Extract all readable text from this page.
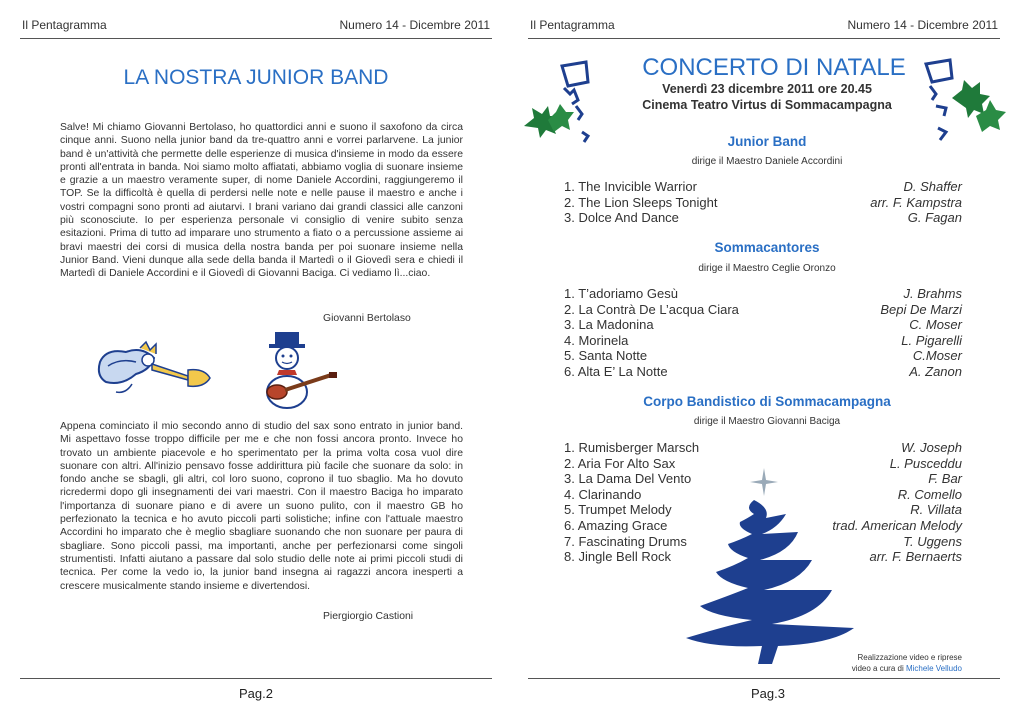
Il Pentagramma	Numero 14 - Dicembre 2011
LA NOSTRA JUNIOR BAND
Salve! Mi chiamo Giovanni Bertolaso, ho quattordici anni e suono il saxofono da circa cinque anni. Suono nella junior band da tre-quattro anni e vorrei parlarvene. La junior band è un'attività che permette delle esperienze di musica d'insieme in modo da essere pronti all'entrata in banda. Noi siamo molto affiatati, abbiamo voglia di suonare insieme e grazie a un maestro veramente super, di nome Daniele Accordini, raggiungeremo il TOP. Se la difficoltà è quella di perdersi nelle note e nelle pause il maestro e anche i vostri compagni sono pronti ad aiutarvi. I brani variano dai grandi classici alle canzoni più sconosciute. Io per esperienza personale vi consiglio di venire subito senza esitazioni. Prima di tutto ad imparare uno strumento a fiato o a percussione assieme ai bravi maestri dei corsi di musica della nostra banda per poi suonare insieme nella Junior Band. Vieni dunque alla sede della banda il Martedì o il Giovedì sera e chiedi il Martedì di Daniele Accordini e il Giovedì di Giovanni Baciga. Ci vediamo lì...ciao.
Giovanni Bertolaso
Appena cominciato il mio secondo anno di studio del sax sono entrato in junior band. Mi aspettavo fosse troppo difficile per me e che non fossi ancora pronto. Invece ho trovato un ambiente piacevole e ho sperimentato per la prima volta cosa vuol dire suonare con altri. All'inizio pensavo fosse addirittura più facile che suonare da solo: in fondo anche se sbagli, gli altri, col loro suono, coprono il tuo sbaglio. Ma ho dovuto ricredermi dopo gli insegnamenti dei vari maestri. Con il maestro Baciga ho imparato l'importanza di suonare piano e di avere un suono pulito, con il maestro GB ho perfezionato la tecnica e ho avuto piccoli parti solistiche; infine con l'attuale maestro Accordini ho imparato che è meglio sbagliare suonando che non suonare per paura di sbagliare. Sono piccoli passi, ma importanti, anche per perfezionarsi come singoli strumentisti. Infatti aiutano a passare dal solo studio delle note ai primi piccoli studi di tecnica. Per come la vedo io, la junior band insegna ai ragazzi ancora inesperti a crescere musicalmente stando insieme e divertendosi.
Piergiorgio Castioni
Pag.2
Il Pentagramma	Numero 14 - Dicembre 2011
CONCERTO DI NATALE
Venerdì 23 dicembre 2011 ore 20.45
Cinema Teatro Virtus di Sommacampagna
Junior Band
dirige il Maestro Daniele Accordini
1. The Invicible Warrior	D. Shaffer
2. The Lion Sleeps Tonight	arr. F. Kampstra
3. Dolce And Dance	G. Fagan
Sommacantores
dirige il Maestro Ceglie Oronzo
1. T’adoriamo Gesù	J. Brahms
2. La Contrà De L’acqua Ciara	Bepi De Marzi
3. La Madonina	C. Moser
4. Morinela	L. Pigarelli
5. Santa Notte	C.Moser
6. Alta E’ La Notte	A. Zanon
Corpo Bandistico di Sommacampagna
dirige il Maestro Giovanni Baciga
1. Rumisberger Marsch	W. Joseph
2. Aria For Alto Sax	L. Pusceddu
3. La Dama Del Vento	F. Bar
4. Clarinando	R. Comello
5. Trumpet Melody	R. Villata
6. Amazing Grace	trad. American Melody
7. Fascinating Drums	T. Uggens
8. Jingle Bell Rock	arr. F. Bernaerts
Realizzazione video e riprese
video a cura di Michele Velludo
Pag.3
